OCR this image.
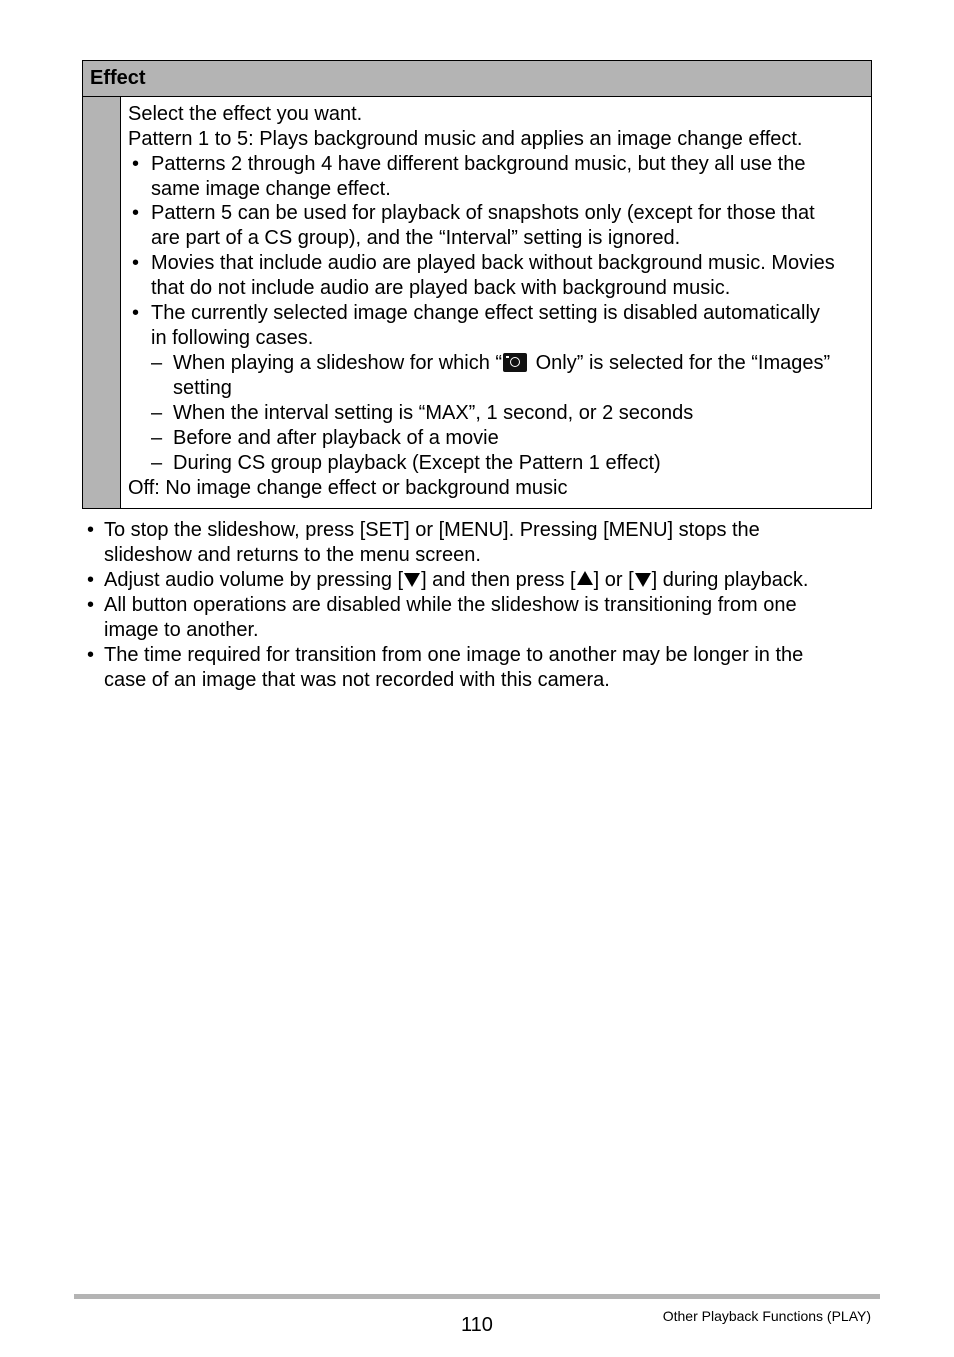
Effect
Select the effect you want.
Pattern 1 to 5: Plays background music and applies an image change effect.
• Patterns 2 through 4 have different background music, but they all use the
same image change effect.
• Pattern 5 can be used for playback of snapshots only (except for those that
are part of a CS group), and the “Interval” setting is ignored.
• Movies that include audio are played back without background music. Movies
that do not include audio are played back with background music.
• The currently selected image change effect setting is disabled automatically
in following cases.
– When playing a slideshow for which “ Only” is selected for the “Images”
setting
– When the interval setting is “MAX”, 1 second, or 2 seconds
– Before and after playback of a movie
– During CS group playback (Except the Pattern 1 effect)
Off: No image change effect or background music
• To stop the slideshow, press [SET] or [MENU]. Pressing [MENU] stops the
slideshow and returns to the menu screen.
• Adjust audio volume by pressing [ ] and then press [ ] or [ ] during playback.
• All button operations are disabled while the slideshow is transitioning from one
image to another.
• The time required for transition from one image to another may be longer in the
case of an image that was not recorded with this camera.
110	Other Playback Functions (PLAY)
